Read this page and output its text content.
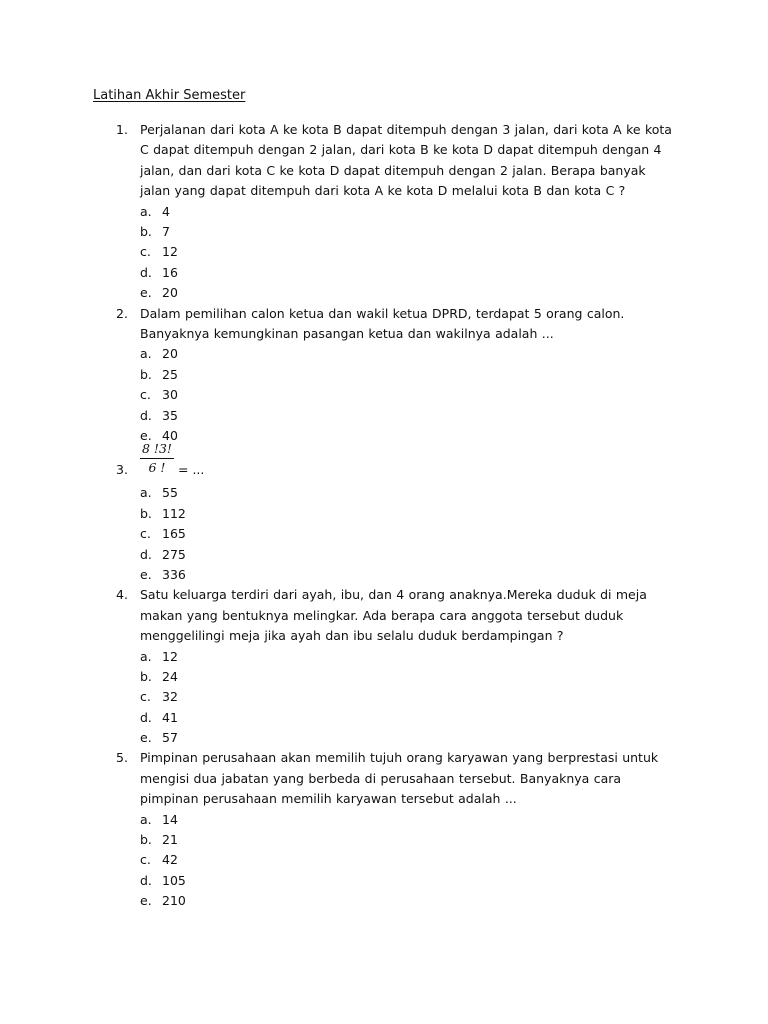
Latihan Akhir Semester
1. Perjalanan dari kota A ke kota B dapat ditempuh dengan 3 jalan, dari kota A ke kota C dapat ditempuh dengan 2 jalan, dari kota B ke kota D dapat ditempuh dengan 4 jalan, dan dari kota C ke kota D dapat ditempuh dengan 2 jalan. Berapa banyak jalan yang dapat ditempuh dari kota A ke kota D melalui kota B dan kota C ?
a. 4
b. 7
c. 12
d. 16
e. 20
2. Dalam pemilihan calon ketua dan wakil ketua DPRD, terdapat 5 orang calon. Banyaknya kemungkinan pasangan ketua dan wakilnya adalah ...
a. 20
b. 25
c. 30
d. 35
e. 40
3. $\frac{8 !3!}{6 !}$ = ...
a. 55
b. 112
c. 165
d. 275
e. 336
4. Satu keluarga terdiri dari ayah, ibu, dan 4 orang anaknya.Mereka duduk di meja makan yang bentuknya melingkar. Ada berapa cara anggota tersebut duduk menggelilingi meja jika ayah dan ibu selalu duduk berdampingan ?
a. 12
b. 24
c. 32
d. 41
e. 57
5. Pimpinan perusahaan akan memilih tujuh orang karyawan yang berprestasi untuk mengisi dua jabatan yang berbeda di perusahaan tersebut. Banyaknya cara pimpinan perusahaan memilih karyawan tersebut adalah ...
a. 14
b. 21
c. 42
d. 105
e. 210
